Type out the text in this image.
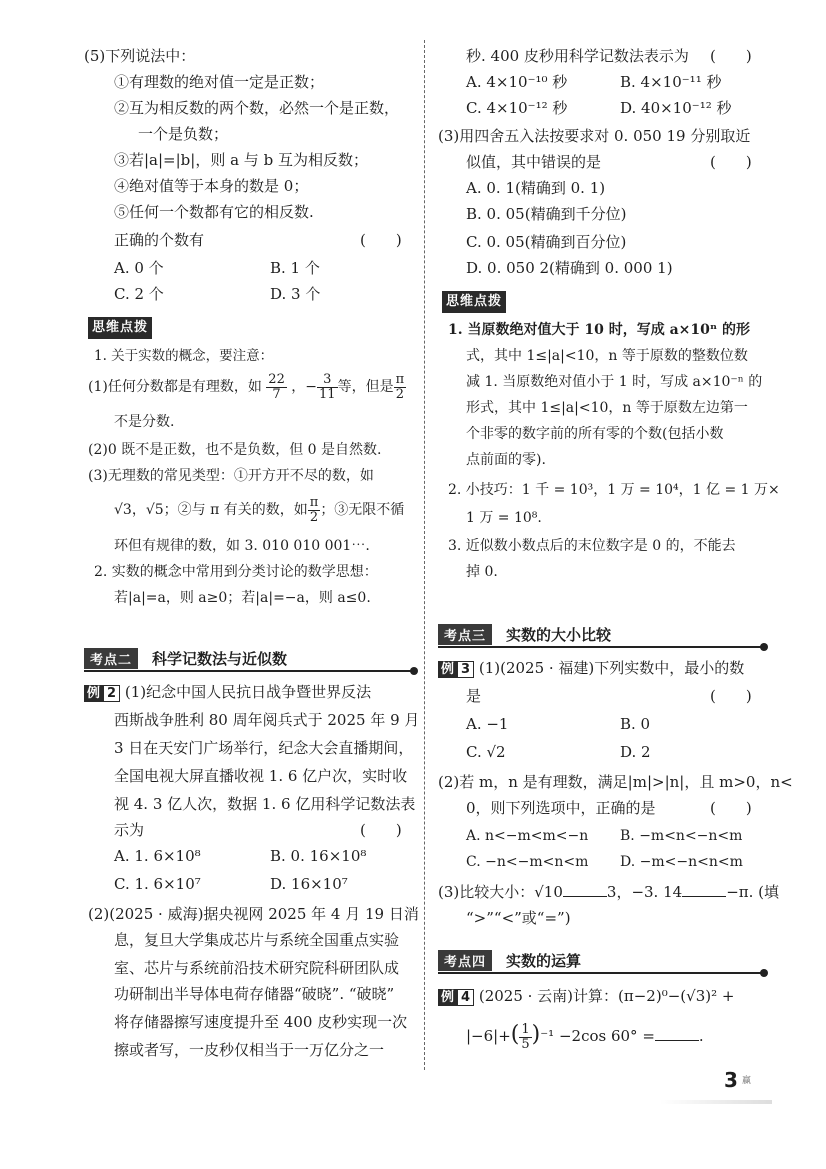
(5)下列说法中：
①有理数的绝对值一定是正数；
②互为相反数的两个数，必然一个是正数，
一个是负数；
③若|a|=|b|，则 a 与 b 互为相反数；
④绝对值等于本身的数是 0；
⑤任何一个数都有它的相反数.
正确的个数有	(　　)
A. 0 个	B. 1 个
C. 2 个	D. 3 个
思维点拨
1. 关于实数的概念，要注意：
(1)任何分数都是有理数，如 $\frac{22}{7}$ ，− $\frac{3}{11}$ 等，但是 $\frac{\pi}{2}$
不是分数.
(2)0 既不是正数，也不是负数，但 0 是自然数.
(3)无理数的常见类型：①开方开不尽的数，如
√3，√5；②与 π 有关的数，如 $\frac{\pi}{2}$ ；③无限不循
环但有规律的数，如 3. 010 010 001⋯.
2. 实数的概念中常用到分类讨论的数学思想：
若|a|=a，则 a≥0；若|a|=−a，则 a≤0.
考点二	科学记数法与近似数
例 2 (1)纪念中国人民抗日战争暨世界反法
西斯战争胜利 80 周年阅兵式于 2025 年 9 月
3 日在天安门广场举行，纪念大会直播期间，
全国电视大屏直播收视 1. 6 亿户次，实时收
视 4. 3 亿人次，数据 1. 6 亿用科学记数法表
示为	(　　)
A. 1. 6×10⁸	B. 0. 16×10⁸
C. 1. 6×10⁷	D. 16×10⁷
(2)(2025 · 威海)据央视网 2025 年 4 月 19 日消
息，复旦大学集成芯片与系统全国重点实验
室、芯片与系统前沿技术研究院科研团队成
功研制出半导体电荷存储器“破晓”. “破晓”
将存储器擦写速度提升至 400 皮秒实现一次
擦或者写，一皮秒仅相当于一万亿分之一
秒. 400 皮秒用科学记数法表示为 (　　)
A. 4×10⁻¹⁰ 秒	B. 4×10⁻¹¹ 秒
C. 4×10⁻¹² 秒	D. 40×10⁻¹² 秒
(3)用四舍五入法按要求对 0. 050 19 分别取近
似值，其中错误的是	(　　)
A. 0. 1(精确到 0. 1)
B. 0. 05(精确到千分位)
C. 0. 05(精确到百分位)
D. 0. 050 2(精确到 0. 000 1)
思维点拨
1. 当原数绝对值大于 10 时，写成 a×10ⁿ 的形
式，其中 1≤|a|<10，n 等于原数的整数位数
减 1. 当原数绝对值小于 1 时，写成 a×10⁻ⁿ 的
形式，其中 1≤|a|<10，n 等于原数左边第一
个非零的数字前的所有零的个数(包括小数
点前面的零).
2. 小技巧：1 千 = 10³，1 万 = 10⁴，1 亿 = 1 万×
1 万 = 10⁸.
3. 近似数小数点后的末位数字是 0 的，不能去
掉 0.
考点三	实数的大小比较
例 3 (1)(2025 · 福建)下列实数中，最小的数
是	(　　)
A. −1	B. 0
C. √2	D. 2
(2)若 m，n 是有理数，满足|m|>|n|，且 m>0，n<
0，则下列选项中，正确的是	(　　)
A. n<−m<m<−n B. −m<n<−n<m
C. −n<−m<n<m D. −m<−n<n<m
(3)比较大小：√10	3，−3. 14	−π. (填
“>”“<”或“=”)
考点四	实数的运算
例 4 (2025 · 云南)计算：(π−2)⁰−(√3)² +
$|-6|+( \frac{1}{5} )^{-1} -2\cos$ 60° =	.
3 赢
